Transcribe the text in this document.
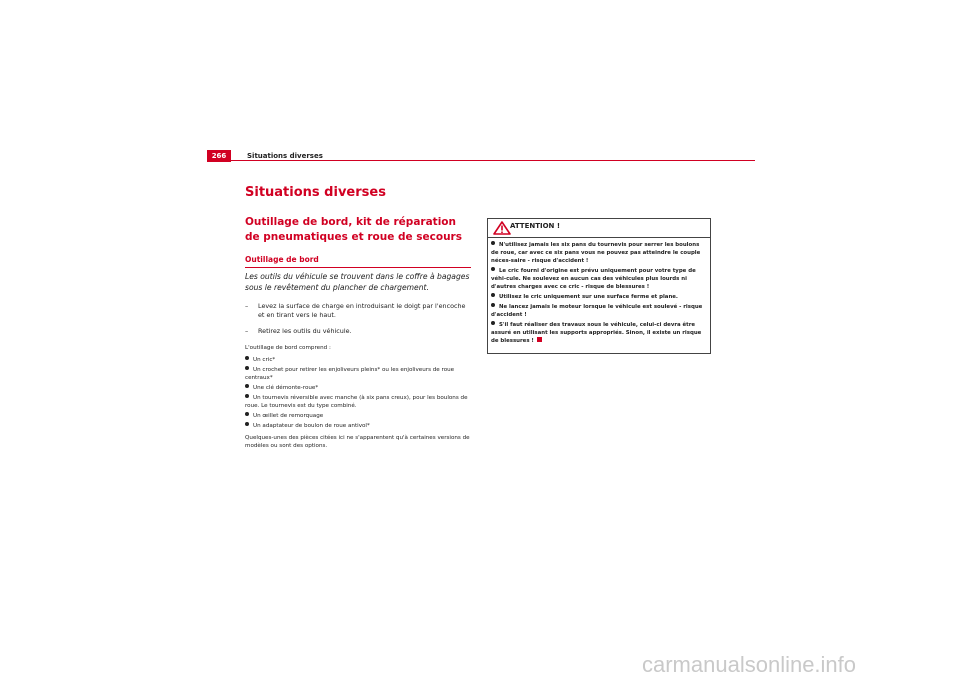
266	Situations diverses
Situations diverses
Outillage de bord, kit de réparation de pneumatiques et roue de secours
Outillage de bord

Les outils du véhicule se trouvent dans le coffre à bagages sous le revêtement du plancher de chargement.

– Levez la surface de charge en introduisant le doigt par l'encoche et en tirant vers le haut.
– Retirez les outils du véhicule.

L'outillage de bord comprend :

Un cric*
Un crochet pour retirer les enjoliveurs pleins* ou les enjoliveurs de roue centraux*
Une clé démonte-roue*
Un tournevis réversible avec manche (à six pans creux), pour les boulons de roue. Le tournevis est du type combiné.
Un œillet de remorquage
Un adaptateur de boulon de roue antivol*

Quelques-unes des pièces citées ici ne s'apparentent qu'à certaines versions de modèles ou sont des options.

ATTENTION !

N'utilisez jamais les six pans du tournevis pour serrer les boulons de roue, car avec ce six pans vous ne pouvez pas atteindre le couple néces-saire - risque d'accident !

Le cric fourni d'origine est prévu uniquement pour votre type de véhi-cule. Ne soulevez en aucun cas des véhicules plus lourds ni d'autres charges avec ce cric - risque de blessures !

Utilisez le cric uniquement sur une surface ferme et plane.

Ne lancez jamais le moteur lorsque le véhicule est soulevé - risque d'accident !

S'il faut réaliser des travaux sous le véhicule, celui-ci devra être assuré en utilisant les supports appropriés. Sinon, il existe un risque de blessures !

carmanualsonline.info
